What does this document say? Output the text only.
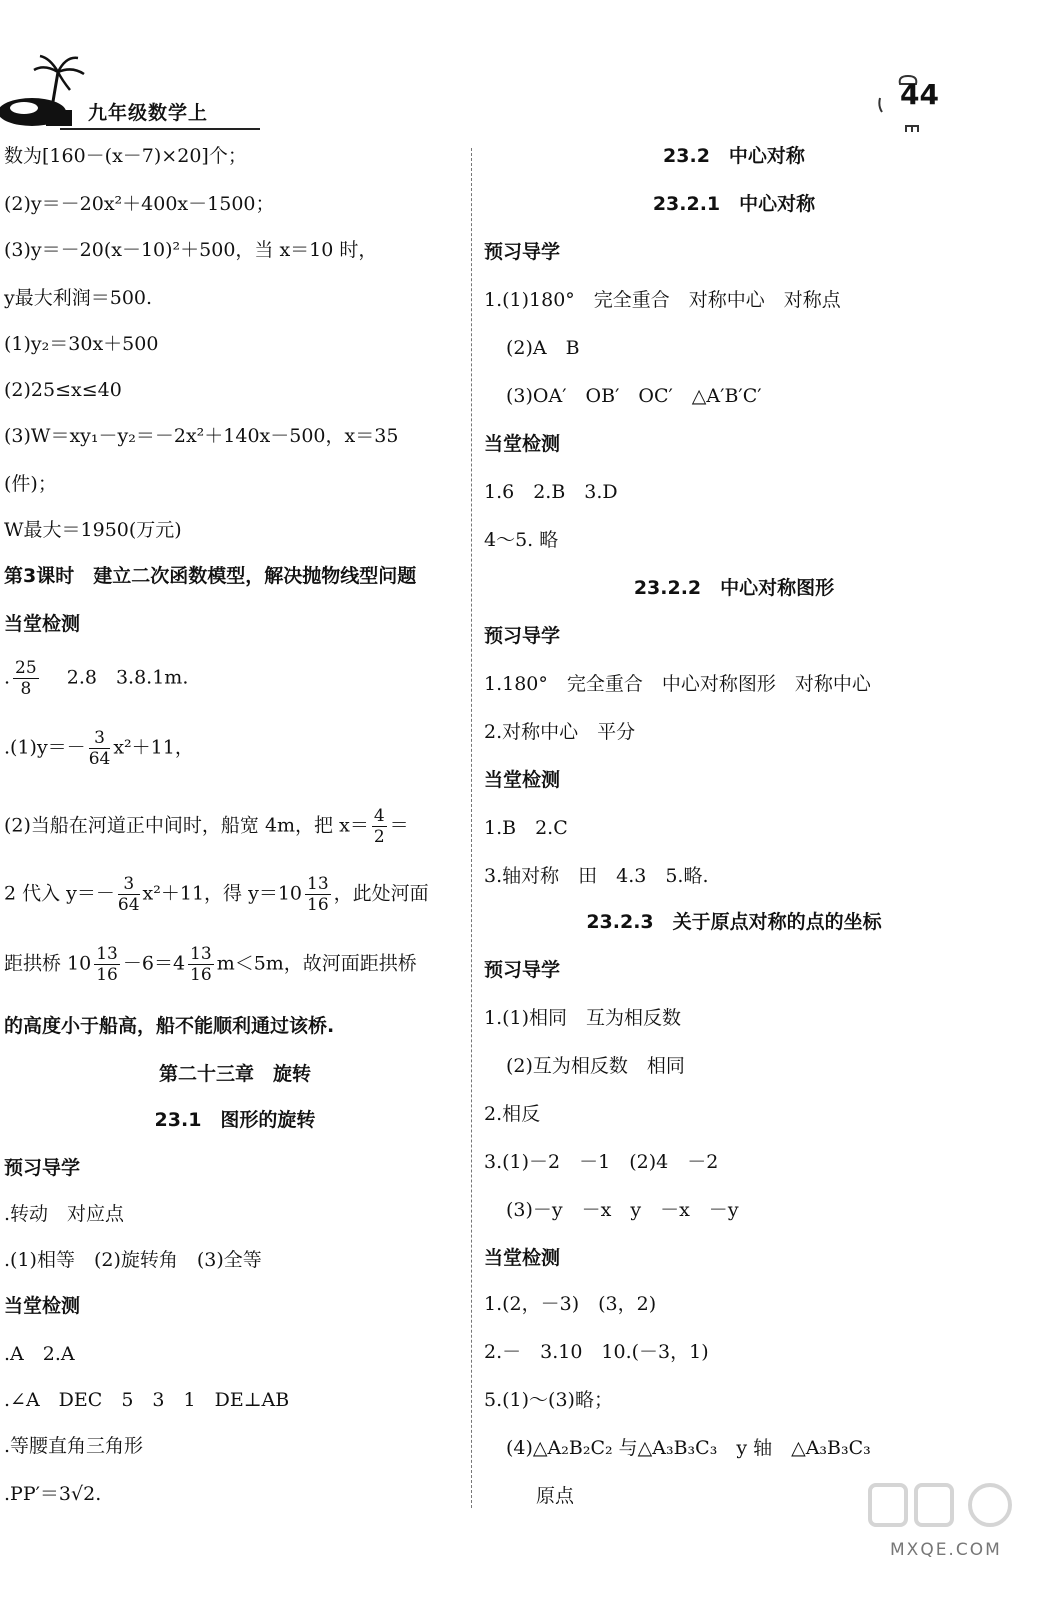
九年级数学上
44
数为[160－(x－7)×20]个；
(2)y＝－20x²＋400x－1500；
(3)y＝－20(x－10)²＋500，当 x＝10 时，
y最大利润＝500.
(1)y₂＝30x＋500
(2)25≤x≤40
(3)W＝xy₁－y₂＝－2x²＋140x－500，x＝35
(件)；
W最大＝1950(万元)
第3课时　建立二次函数模型，解决抛物线型问题
当堂检测
. $\frac{25}{8}$
　 2.8　3.8.1m.
$.(1)y=- \frac{3}{64} x^2+11$，
(2)当船在河道正中间时，船宽 4m，把 $x= \frac{4}{2}$ ＝
2 代入 $y=- \frac{3}{64} x^2+11$，得 $y=10 \frac{13}{16}$ ，此处河面
距拱桥 $10 \frac{13}{16} -6=4 \frac{13}{16} m<5m$，故河面距拱桥
的高度小于船高，船不能顺利通过该桥.
第二十三章　旋转
23.1　图形的旋转
预习导学
.转动　对应点
.(1)相等　(2)旋转角　(3)全等
当堂检测
.A　2.A
.∠A　DEC　5　3　1　DE⊥AB
.等腰直角三角形
.PP′＝3√2.
23.2　中心对称
23.2.1　中心对称
预习导学
1.(1)180°　完全重合　对称中心　对称点
(2)A　B
(3)OA′　OB′　OC′　△A′B′C′
当堂检测
1.6　2.B　3.D
4～5. 略
23.2.2　中心对称图形
预习导学
1.180°　完全重合　中心对称图形　对称中心
2.对称中心　平分
当堂检测
1.B　2.C
3.轴对称　田　4.3　5.略.
23.2.3　关于原点对称的点的坐标
预习导学
1.(1)相同　互为相反数
(2)互为相反数　相同
2.相反
3.(1)－2　－1　(2)4　－2
(3)－y　－x　y　－x　－y
当堂检测
1.(2，－3)　(3，2)
2.－　3.10　10.(－3，1)
5.(1)～(3)略；
(4)△A₂B₂C₂ 与△A₃B₃C₃　y 轴　△A₃B₃C₃
原点
MXQE.COM
